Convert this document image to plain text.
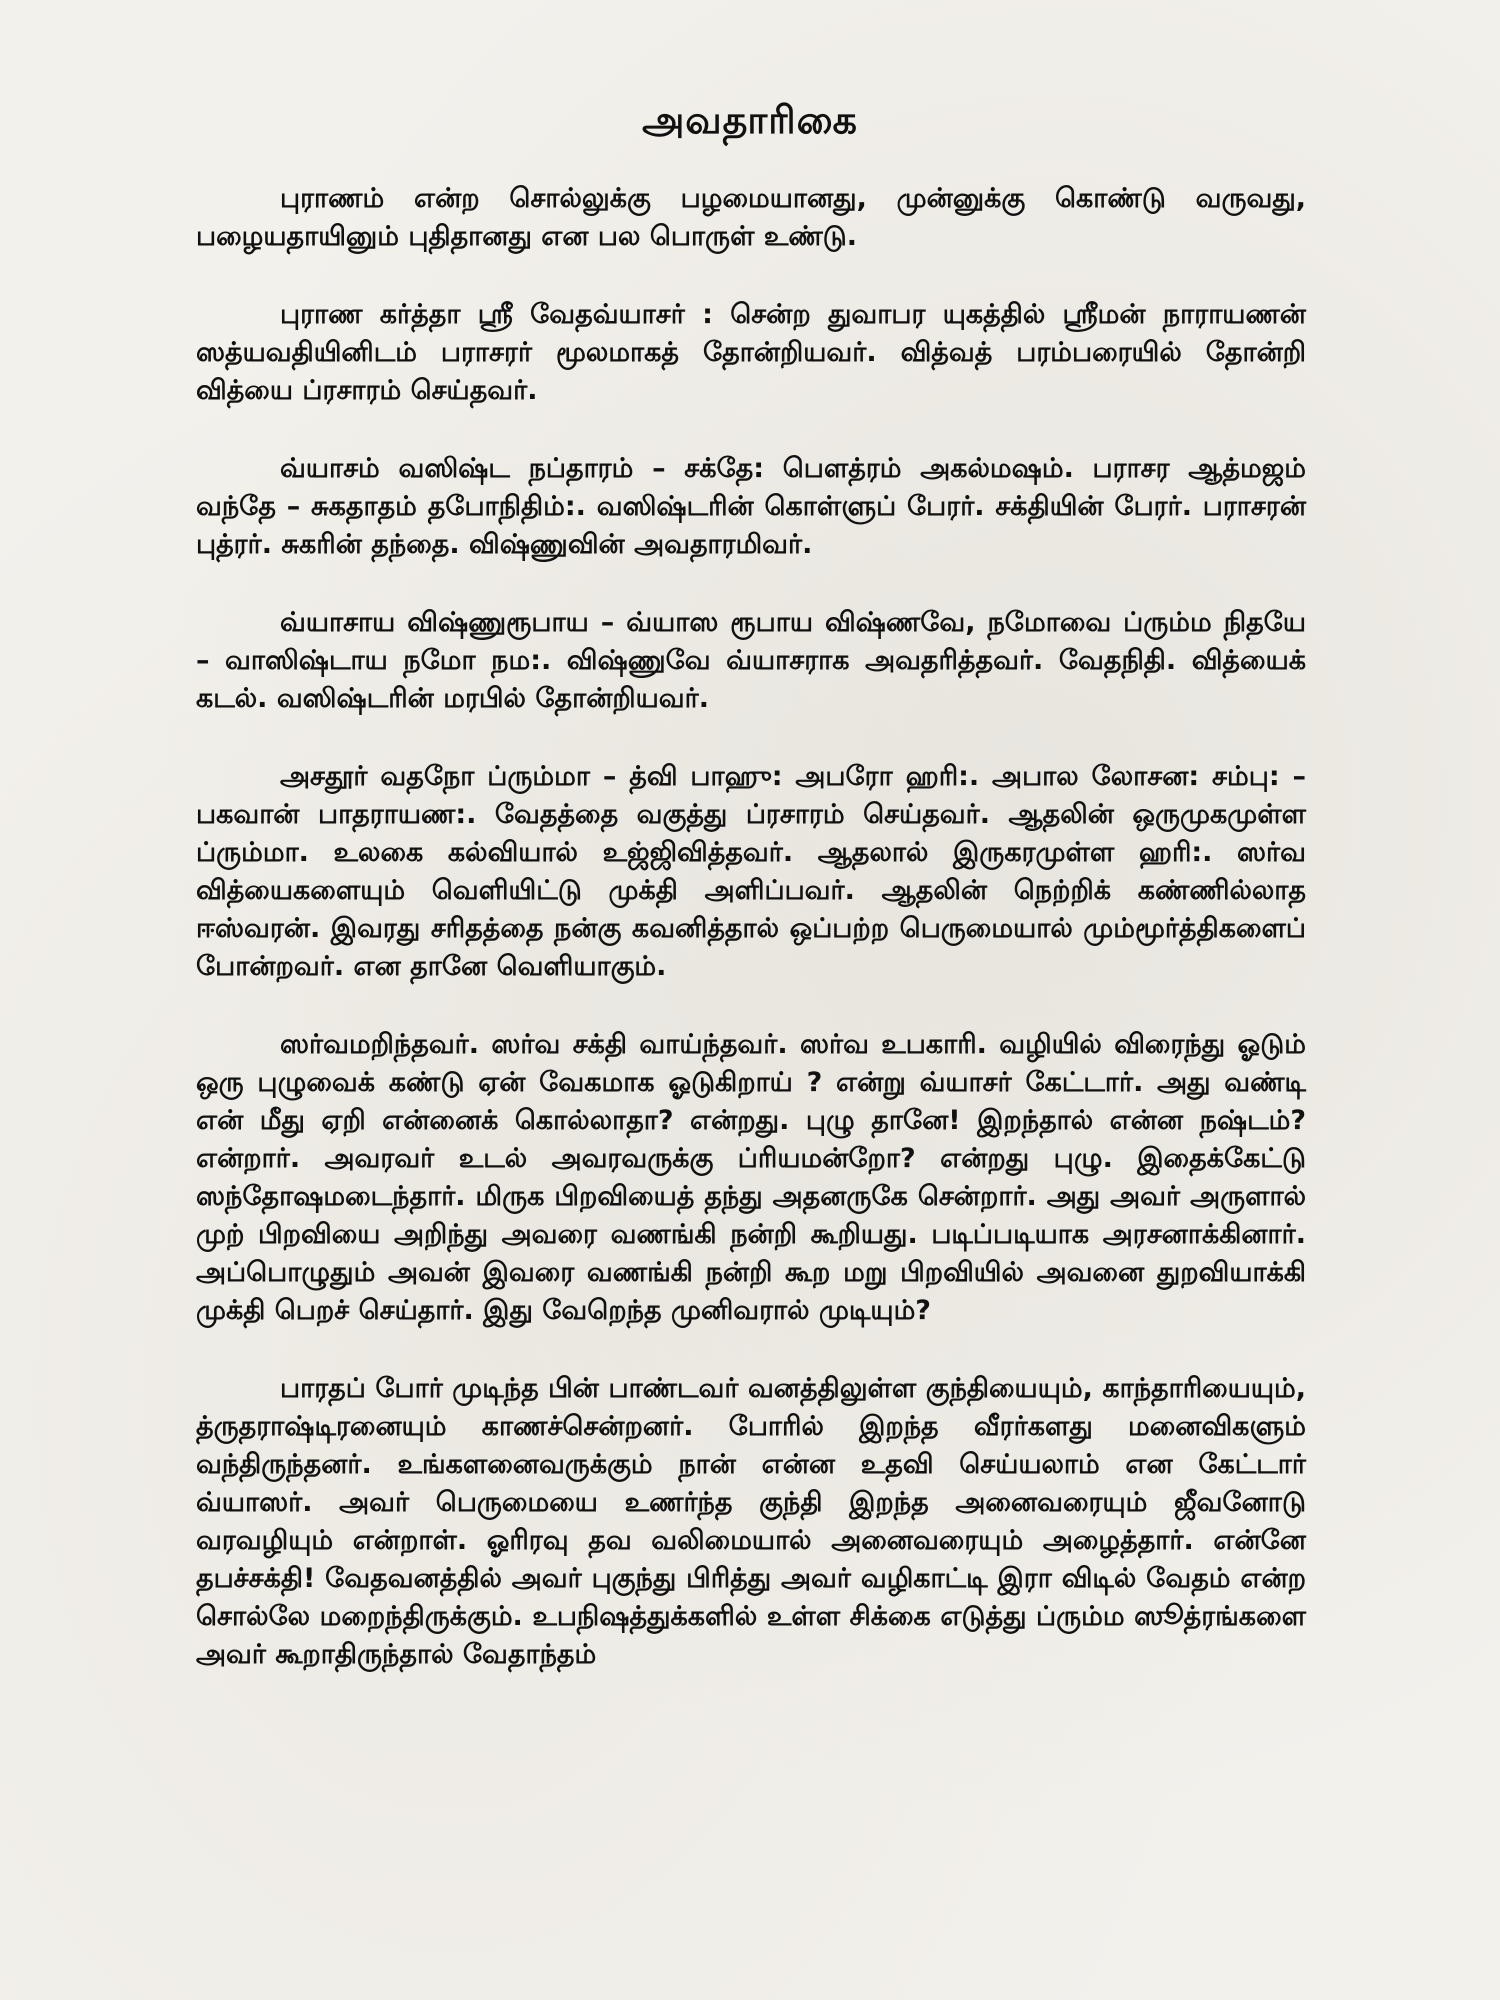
அவதாரிகை

புராணம் என்ற சொல்லுக்கு பழமையானது, முன்னுக்கு கொண்டு வருவது, பழையதாயினும் புதிதானது என பல பொருள் உண்டு.

புராண கர்த்தா ஸ்ரீ வேதவ்யாசர் : சென்ற துவாபர யுகத்தில் ஸ்ரீமன் நாராயணன் ஸத்யவதியினிடம் பராசரர் மூலமாகத் தோன்றியவர். வித்வத் பரம்பரையில் தோன்றி வித்யை ப்ரசாரம் செய்தவர்.

வ்யாசம் வஸிஷ்ட நப்தாரம் – சக்தே: பௌத்ரம் அகல்மஷம். பராசர ஆத்மஜம் வந்தே – சுகதாதம் தபோநிதிம்:. வஸிஷ்டரின் கொள்ளுப் பேரர். சக்தியின் பேரர். பராசரன் புத்ரர். சுகரின் தந்தை. விஷ்ணுவின் அவதாரமிவர்.

வ்யாசாய விஷ்ணுரூபாய – வ்யாஸ ரூபாய விஷ்ணவே, நமோவை ப்ரும்ம நிதயே – வாஸிஷ்டாய நமோ நம:. விஷ்ணுவே வ்யாசராக அவதரித்தவர். வேதநிதி. வித்யைக் கடல். வஸிஷ்டரின் மரபில் தோன்றியவர்.

அசதூர் வதநோ ப்ரும்மா – த்வி பாஹு: அபரோ ஹரி:. அபால லோசன: சம்பு: – பகவான் பாதராயண:. வேதத்தை வகுத்து ப்ரசாரம் செய்தவர். ஆதலின் ஒருமுகமுள்ள ப்ரும்மா. உலகை கல்வியால் உஜ்ஜிவித்தவர். ஆதலால் இருகரமுள்ள ஹரி:. ஸர்வ வித்யைகளையும் வெளியிட்டு முக்தி அளிப்பவர். ஆதலின் நெற்றிக் கண்ணில்லாத ஈஸ்வரன். இவரது சரிதத்தை நன்கு கவனித்தால் ஒப்பற்ற பெருமையால் மும்மூர்த்திகளைப் போன்றவர். என தானே வெளியாகும்.

ஸர்வமறிந்தவர். ஸர்வ சக்தி வாய்ந்தவர். ஸர்வ உபகாரி. வழியில் விரைந்து ஓடும் ஒரு புழுவைக் கண்டு ஏன் வேகமாக ஓடுகிறாய் ? என்று வ்யாசர் கேட்டார். அது வண்டி என் மீது ஏறி என்னைக் கொல்லாதா? என்றது. புழு தானே! இறந்தால் என்ன நஷ்டம்? என்றார். அவரவர் உடல் அவரவருக்கு ப்ரியமன்றோ? என்றது புழு. இதைக்கேட்டு ஸந்தோஷமடைந்தார். மிருக பிறவியைத் தந்து அதனருகே சென்றார். அது அவர் அருளால் முற் பிறவியை அறிந்து அவரை வணங்கி நன்றி கூறியது. படிப்படியாக அரசனாக்கினார். அப்பொழுதும் அவன் இவரை வணங்கி நன்றி கூற மறு பிறவியில் அவனை துறவியாக்கி முக்தி பெறச் செய்தார். இது வேறெந்த முனிவரால் முடியும்?

பாரதப் போர் முடிந்த பின் பாண்டவர் வனத்திலுள்ள குந்தியையும், காந்தாரியையும், த்ருதராஷ்டிரனையும் காணச்சென்றனர். போரில் இறந்த வீரர்களது மனைவிகளும் வந்திருந்தனர். உங்களனைவருக்கும் நான் என்ன உதவி செய்யலாம் என கேட்டார் வ்யாஸர். அவர் பெருமையை உணர்ந்த குந்தி இறந்த அனைவரையும் ஜீவனோடு வரவழியும் என்றாள். ஓரிரவு தவ வலிமையால் அனைவரையும் அழைத்தார். என்னே தபச்சக்தி! வேதவனத்தில் அவர் புகுந்து பிரித்து அவர் வழிகாட்டி இரா விடில் வேதம் என்ற சொல்லே மறைந்திருக்கும். உபநிஷத்துக்களில் உள்ள சிக்கை எடுத்து ப்ரும்ம ஸூத்ரங்களை அவர் கூறாதிருந்தால் வேதாந்தம்
